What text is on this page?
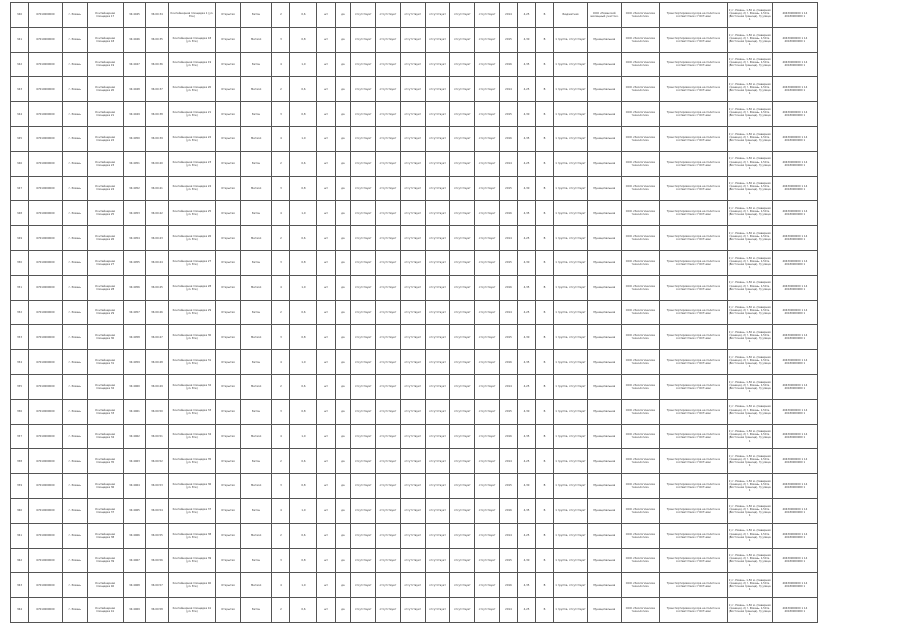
340	67010000000	г. Рязань	Контейнерная площадка 17	34:4045	36:00:34	Контейнерная площадка 1 (ул. Есе)	Открытая	Бетон	2	0,6	шт	да	отсутствует	отсутствует	отсутствует	отсутствует	отсутствует	отсутствует	2014	4,25	Б	Бюджетная	ООО «Рязанский жилищный участок»	ООО «Экологические технологии»	Транспортировка мусора на полигон в соответствии с ГОСТ-ами	1) г. Рязань, 1,50 м. (Северная граница), 2) г. Рязань, 1,50 м. (Восточная граница), 3) улица 1	40430000000 1 14 40430000000 1
341	67010000000	г. Рязань	Контейнерная площадка 18	34:4046	36:00:35	Контейнерная площадка 18 (ул. Есе)	Открытая	Металл	3	0,8	шт	да	отсутствует	отсутствует	отсутствует	отсутствует	отсутствует	отсутствует	2015	4,30	В	1 группа, отсутствует	Муниципальная	ООО «Экологические технологии»	Транспортировка мусора на полигон в соответствии с ГОСТ-ами	1) г. Рязань, 1,50 м. (Северная граница), 2) г. Рязань, 1,50 м. (Восточная граница), 3) улица 1	40430000000 1 14 40430000000 1
342	67010000000	г. Рязань	Контейнерная площадка 19	34:4047	36:00:36	Контейнерная площадка 19 (ул. Есе)	Открытая	Бетон	4	1,0	шт	да	отсутствует	отсутствует	отсутствует	отсутствует	отсутствует	отсутствует	2016	4,35	Б	1 группа, отсутствует	Муниципальная	ООО «Экологические технологии»	Транспортировка мусора на полигон в соответствии с ГОСТ-ами	1) г. Рязань, 1,50 м. (Северная граница), 2) г. Рязань, 1,50 м. (Восточная граница), 3) улица 1	40430000000 1 14 40430000000 1
343	67010000000	г. Рязань	Контейнерная площадка 20	34:4048	36:00:37	Контейнерная площадка 20 (ул. Есе)	Открытая	Металл	2	0,6	шт	да	отсутствует	отсутствует	отсутствует	отсутствует	отсутствует	отсутствует	2014	4,25	В	1 группа, отсутствует	Муниципальная	ООО «Экологические технологии»	Транспортировка мусора на полигон в соответствии с ГОСТ-ами	1) г. Рязань, 1,50 м. (Северная граница), 2) г. Рязань, 1,50 м. (Восточная граница), 3) улица 1	40430000000 1 14 40430000000 1
344	67010000000	г. Рязань	Контейнерная площадка 21	34:4049	36:00:38	Контейнерная площадка 21 (ул. Есе)	Открытая	Бетон	3	0,8	шт	да	отсутствует	отсутствует	отсутствует	отсутствует	отсутствует	отсутствует	2015	4,30	Б	1 группа, отсутствует	Муниципальная	ООО «Экологические технологии»	Транспортировка мусора на полигон в соответствии с ГОСТ-ами	1) г. Рязань, 1,50 м. (Северная граница), 2) г. Рязань, 1,50 м. (Восточная граница), 3) улица 1	40430000000 1 14 40430000000 1
345	67010000000	г. Рязань	Контейнерная площадка 22	34:4050	36:00:39	Контейнерная площадка 22 (ул. Есе)	Открытая	Металл	4	1,0	шт	да	отсутствует	отсутствует	отсутствует	отсутствует	отсутствует	отсутствует	2016	4,35	В	1 группа, отсутствует	Муниципальная	ООО «Экологические технологии»	Транспортировка мусора на полигон в соответствии с ГОСТ-ами	1) г. Рязань, 1,50 м. (Северная граница), 2) г. Рязань, 1,50 м. (Восточная граница), 3) улица 1	40430000000 1 14 40430000000 1
346	67010000000	г. Рязань	Контейнерная площадка 23	34:4051	36:00:40	Контейнерная площадка 23 (ул. Есе)	Открытая	Бетон	2	0,6	шт	да	отсутствует	отсутствует	отсутствует	отсутствует	отсутствует	отсутствует	2014	4,25	Б	1 группа, отсутствует	Муниципальная	ООО «Экологические технологии»	Транспортировка мусора на полигон в соответствии с ГОСТ-ами	1) г. Рязань, 1,50 м. (Северная граница), 2) г. Рязань, 1,50 м. (Восточная граница), 3) улица 1	40430000000 1 14 40430000000 1
347	67010000000	г. Рязань	Контейнерная площадка 24	34:4052	36:00:41	Контейнерная площадка 24 (ул. Есе)	Открытая	Металл	3	0,8	шт	да	отсутствует	отсутствует	отсутствует	отсутствует	отсутствует	отсутствует	2015	4,30	В	1 группа, отсутствует	Муниципальная	ООО «Экологические технологии»	Транспортировка мусора на полигон в соответствии с ГОСТ-ами	1) г. Рязань, 1,50 м. (Северная граница), 2) г. Рязань, 1,50 м. (Восточная граница), 3) улица 1	40430000000 1 14 40430000000 1
348	67010000000	г. Рязань	Контейнерная площадка 25	34:4053	36:00:42	Контейнерная площадка 25 (ул. Есе)	Открытая	Бетон	4	1,0	шт	да	отсутствует	отсутствует	отсутствует	отсутствует	отсутствует	отсутствует	2016	4,35	Б	1 группа, отсутствует	Муниципальная	ООО «Экологические технологии»	Транспортировка мусора на полигон в соответствии с ГОСТ-ами	1) г. Рязань, 1,50 м. (Северная граница), 2) г. Рязань, 1,50 м. (Восточная граница), 3) улица 1	40430000000 1 14 40430000000 1
349	67010000000	г. Рязань	Контейнерная площадка 26	34:4054	36:00:43	Контейнерная площадка 26 (ул. Есе)	Открытая	Металл	2	0,6	шт	да	отсутствует	отсутствует	отсутствует	отсутствует	отсутствует	отсутствует	2014	4,25	В	1 группа, отсутствует	Муниципальная	ООО «Экологические технологии»	Транспортировка мусора на полигон в соответствии с ГОСТ-ами	1) г. Рязань, 1,50 м. (Северная граница), 2) г. Рязань, 1,50 м. (Восточная граница), 3) улица 1	40430000000 1 14 40430000000 1
350	67010000000	г. Рязань	Контейнерная площадка 27	34:4055	36:00:44	Контейнерная площадка 27 (ул. Есе)	Открытая	Бетон	3	0,8	шт	да	отсутствует	отсутствует	отсутствует	отсутствует	отсутствует	отсутствует	2015	4,30	Б	1 группа, отсутствует	Муниципальная	ООО «Экологические технологии»	Транспортировка мусора на полигон в соответствии с ГОСТ-ами	1) г. Рязань, 1,50 м. (Северная граница), 2) г. Рязань, 1,50 м. (Восточная граница), 3) улица 1	40430000000 1 14 40430000000 1
351	67010000000	г. Рязань	Контейнерная площадка 28	34:4056	36:00:45	Контейнерная площадка 28 (ул. Есе)	Открытая	Металл	4	1,0	шт	да	отсутствует	отсутствует	отсутствует	отсутствует	отсутствует	отсутствует	2016	4,35	В	1 группа, отсутствует	Муниципальная	ООО «Экологические технологии»	Транспортировка мусора на полигон в соответствии с ГОСТ-ами	1) г. Рязань, 1,50 м. (Северная граница), 2) г. Рязань, 1,50 м. (Восточная граница), 3) улица 1	40430000000 1 14 40430000000 1
352	67010000000	г. Рязань	Контейнерная площадка 29	34:4057	36:00:46	Контейнерная площадка 29 (ул. Есе)	Открытая	Бетон	2	0,6	шт	да	отсутствует	отсутствует	отсутствует	отсутствует	отсутствует	отсутствует	2014	4,25	Б	1 группа, отсутствует	Муниципальная	ООО «Экологические технологии»	Транспортировка мусора на полигон в соответствии с ГОСТ-ами	1) г. Рязань, 1,50 м. (Северная граница), 2) г. Рязань, 1,50 м. (Восточная граница), 3) улица 1	40430000000 1 14 40430000000 1
353	67010000000	г. Рязань	Контейнерная площадка 30	34:4058	36:00:47	Контейнерная площадка 30 (ул. Есе)	Открытая	Металл	3	0,8	шт	да	отсутствует	отсутствует	отсутствует	отсутствует	отсутствует	отсутствует	2015	4,30	В	1 группа, отсутствует	Муниципальная	ООО «Экологические технологии»	Транспортировка мусора на полигон в соответствии с ГОСТ-ами	1) г. Рязань, 1,50 м. (Северная граница), 2) г. Рязань, 1,50 м. (Восточная граница), 3) улица 1	40430000000 1 14 40430000000 1
354	67010000000	г. Рязань	Контейнерная площадка 31	34:4059	36:00:48	Контейнерная площадка 31 (ул. Есе)	Открытая	Бетон	4	1,0	шт	да	отсутствует	отсутствует	отсутствует	отсутствует	отсутствует	отсутствует	2016	4,35	Б	1 группа, отсутствует	Муниципальная	ООО «Экологические технологии»	Транспортировка мусора на полигон в соответствии с ГОСТ-ами	1) г. Рязань, 1,50 м. (Северная граница), 2) г. Рязань, 1,50 м. (Восточная граница), 3) улица 1	40430000000 1 14 40430000000 1
355	67010000000	г. Рязань	Контейнерная площадка 32	34:4060	36:00:49	Контейнерная площадка 32 (ул. Есе)	Открытая	Металл	2	0,6	шт	да	отсутствует	отсутствует	отсутствует	отсутствует	отсутствует	отсутствует	2014	4,25	В	1 группа, отсутствует	Муниципальная	ООО «Экологические технологии»	Транспортировка мусора на полигон в соответствии с ГОСТ-ами	1) г. Рязань, 1,50 м. (Северная граница), 2) г. Рязань, 1,50 м. (Восточная граница), 3) улица 1	40430000000 1 14 40430000000 1
356	67010000000	г. Рязань	Контейнерная площадка 33	34:4061	36:00:50	Контейнерная площадка 33 (ул. Есе)	Открытая	Бетон	3	0,8	шт	да	отсутствует	отсутствует	отсутствует	отсутствует	отсутствует	отсутствует	2015	4,30	Б	1 группа, отсутствует	Муниципальная	ООО «Экологические технологии»	Транспортировка мусора на полигон в соответствии с ГОСТ-ами	1) г. Рязань, 1,50 м. (Северная граница), 2) г. Рязань, 1,50 м. (Восточная граница), 3) улица 1	40430000000 1 14 40430000000 1
357	67010000000	г. Рязань	Контейнерная площадка 34	34:4062	36:00:51	Контейнерная площадка 34 (ул. Есе)	Открытая	Металл	4	1,0	шт	да	отсутствует	отсутствует	отсутствует	отсутствует	отсутствует	отсутствует	2016	4,35	В	1 группа, отсутствует	Муниципальная	ООО «Экологические технологии»	Транспортировка мусора на полигон в соответствии с ГОСТ-ами	1) г. Рязань, 1,50 м. (Северная граница), 2) г. Рязань, 1,50 м. (Восточная граница), 3) улица 1	40430000000 1 14 40430000000 1
358	67010000000	г. Рязань	Контейнерная площадка 35	34:4063	36:00:52	Контейнерная площадка 35 (ул. Есе)	Открытая	Бетон	2	0,6	шт	да	отсутствует	отсутствует	отсутствует	отсутствует	отсутствует	отсутствует	2014	4,25	Б	1 группа, отсутствует	Муниципальная	ООО «Экологические технологии»	Транспортировка мусора на полигон в соответствии с ГОСТ-ами	1) г. Рязань, 1,50 м. (Северная граница), 2) г. Рязань, 1,50 м. (Восточная граница), 3) улица 1	40430000000 1 14 40430000000 1
359	67010000000	г. Рязань	Контейнерная площадка 36	34:4064	36:00:53	Контейнерная площадка 36 (ул. Есе)	Открытая	Металл	3	0,8	шт	да	отсутствует	отсутствует	отсутствует	отсутствует	отсутствует	отсутствует	2015	4,30	В	1 группа, отсутствует	Муниципальная	ООО «Экологические технологии»	Транспортировка мусора на полигон в соответствии с ГОСТ-ами	1) г. Рязань, 1,50 м. (Северная граница), 2) г. Рязань, 1,50 м. (Восточная граница), 3) улица 1	40430000000 1 14 40430000000 1
360	67010000000	г. Рязань	Контейнерная площадка 37	34:4065	36:00:54	Контейнерная площадка 37 (ул. Есе)	Открытая	Бетон	4	1,0	шт	да	отсутствует	отсутствует	отсутствует	отсутствует	отсутствует	отсутствует	2016	4,35	Б	1 группа, отсутствует	Муниципальная	ООО «Экологические технологии»	Транспортировка мусора на полигон в соответствии с ГОСТ-ами	1) г. Рязань, 1,50 м. (Северная граница), 2) г. Рязань, 1,50 м. (Восточная граница), 3) улица 1	40430000000 1 14 40430000000 1
361	67010000000	г. Рязань	Контейнерная площадка 38	34:4066	36:00:55	Контейнерная площадка 38 (ул. Есе)	Открытая	Металл	2	0,6	шт	да	отсутствует	отсутствует	отсутствует	отсутствует	отсутствует	отсутствует	2014	4,25	В	1 группа, отсутствует	Муниципальная	ООО «Экологические технологии»	Транспортировка мусора на полигон в соответствии с ГОСТ-ами	1) г. Рязань, 1,50 м. (Северная граница), 2) г. Рязань, 1,50 м. (Восточная граница), 3) улица 1	40430000000 1 14 40430000000 1
362	67010000000	г. Рязань	Контейнерная площадка 39	34:4067	36:00:56	Контейнерная площадка 39 (ул. Есе)	Открытая	Бетон	3	0,8	шт	да	отсутствует	отсутствует	отсутствует	отсутствует	отсутствует	отсутствует	2015	4,30	Б	1 группа, отсутствует	Муниципальная	ООО «Экологические технологии»	Транспортировка мусора на полигон в соответствии с ГОСТ-ами	1) г. Рязань, 1,50 м. (Северная граница), 2) г. Рязань, 1,50 м. (Восточная граница), 3) улица 1	40430000000 1 14 40430000000 1
363	67010000000	г. Рязань	Контейнерная площадка 40	34:4068	36:00:57	Контейнерная площадка 40 (ул. Есе)	Открытая	Металл	4	1,0	шт	да	отсутствует	отсутствует	отсутствует	отсутствует	отсутствует	отсутствует	2016	4,35	В	1 группа, отсутствует	Муниципальная	ООО «Экологические технологии»	Транспортировка мусора на полигон в соответствии с ГОСТ-ами	1) г. Рязань, 1,50 м. (Северная граница), 2) г. Рязань, 1,50 м. (Восточная граница), 3) улица 1	40430000000 1 14 40430000000 1
364	67010000000	г. Рязань	Контейнерная площадка 41	34:4069	36:00:58	Контейнерная площадка 41 (ул. Есе)	Открытая	Бетон	2	0,6	шт	да	отсутствует	отсутствует	отсутствует	отсутствует	отсутствует	отсутствует	2014	4,25	Б	1 группа, отсутствует	Муниципальная	ООО «Экологические технологии»	Транспортировка мусора на полигон в соответствии с ГОСТ-ами	1) г. Рязань, 1,50 м. (Северная граница), 2) г. Рязань, 1,50 м. (Восточная граница), 3) улица 1	40430000000 1 14 40430000000 1
